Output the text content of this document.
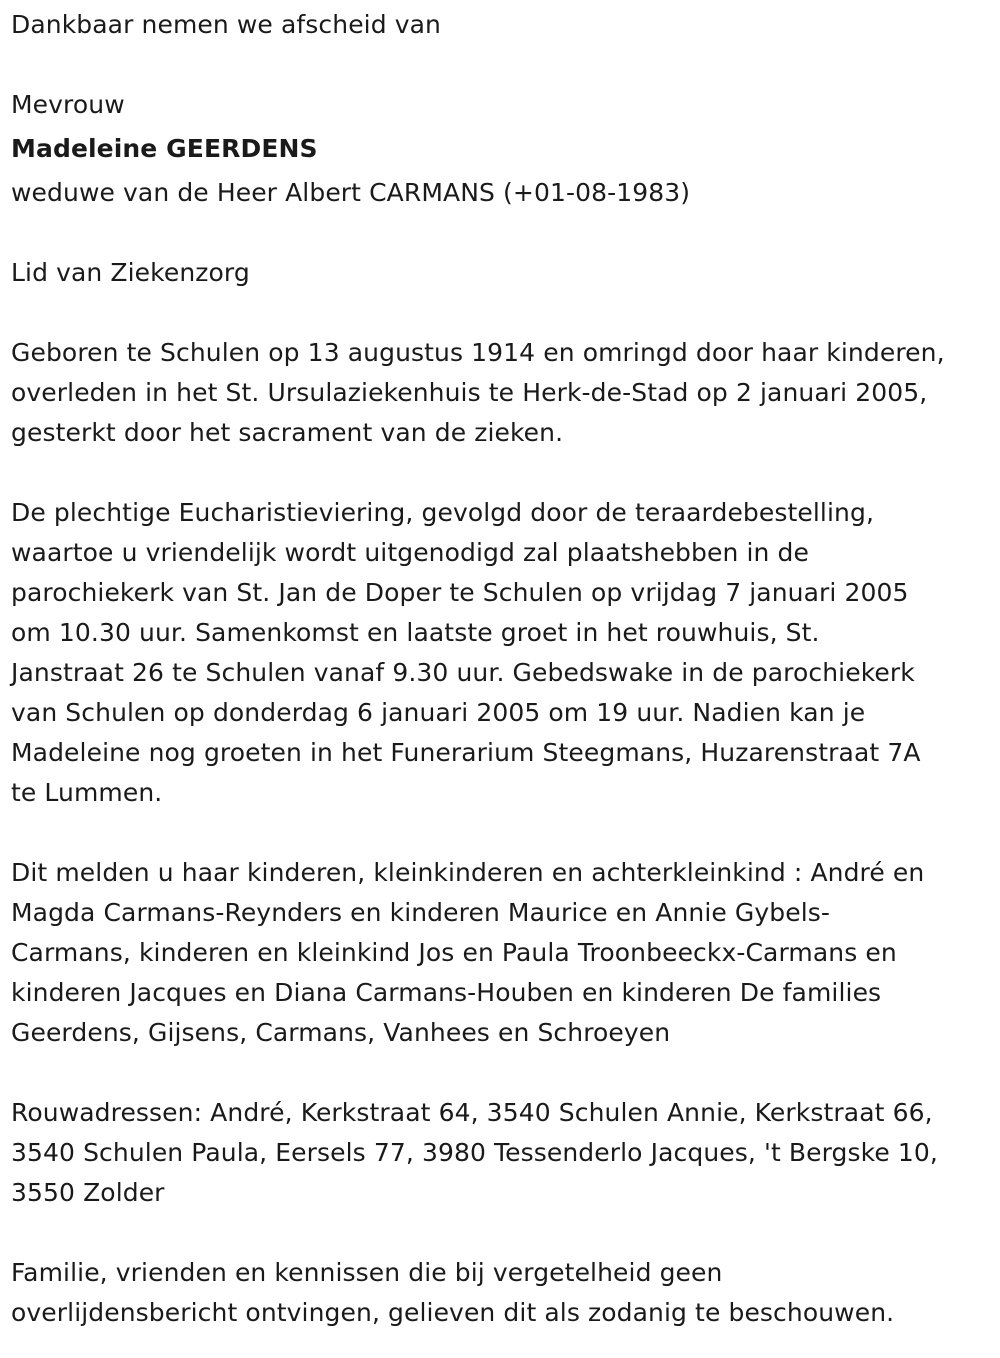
Dankbaar nemen we afscheid van
Mevrouw
Madeleine GEERDENS
weduwe van de Heer Albert CARMANS (+01-08-1983)
Lid van Ziekenzorg
Geboren te Schulen op 13 augustus 1914 en omringd door haar kinderen,
overleden in het St. Ursulaziekenhuis te Herk-de-Stad op 2 januari 2005,
gesterkt door het sacrament van de zieken.
De plechtige Eucharistieviering, gevolgd door de teraardebestelling,
waartoe u vriendelijk wordt uitgenodigd zal plaatshebben in de
parochiekerk van St. Jan de Doper te Schulen op vrijdag 7 januari 2005
om 10.30 uur. Samenkomst en laatste groet in het rouwhuis, St.
Janstraat 26 te Schulen vanaf 9.30 uur. Gebedswake in de parochiekerk
van Schulen op donderdag 6 januari 2005 om 19 uur. Nadien kan je
Madeleine nog groeten in het Funerarium Steegmans, Huzarenstraat 7A
te Lummen.
Dit melden u haar kinderen, kleinkinderen en achterkleinkind : André en
Magda Carmans-Reynders en kinderen Maurice en Annie Gybels-
Carmans, kinderen en kleinkind Jos en Paula Troonbeeckx-Carmans en
kinderen Jacques en Diana Carmans-Houben en kinderen De families
Geerdens, Gijsens, Carmans, Vanhees en Schroeyen
Rouwadressen: André, Kerkstraat 64, 3540 Schulen Annie, Kerkstraat 66,
3540 Schulen Paula, Eersels 77, 3980 Tessenderlo Jacques, 't Bergske 10,
3550 Zolder
Familie, vrienden en kennissen die bij vergetelheid geen
overlijdensbericht ontvingen, gelieven dit als zodanig te beschouwen.
